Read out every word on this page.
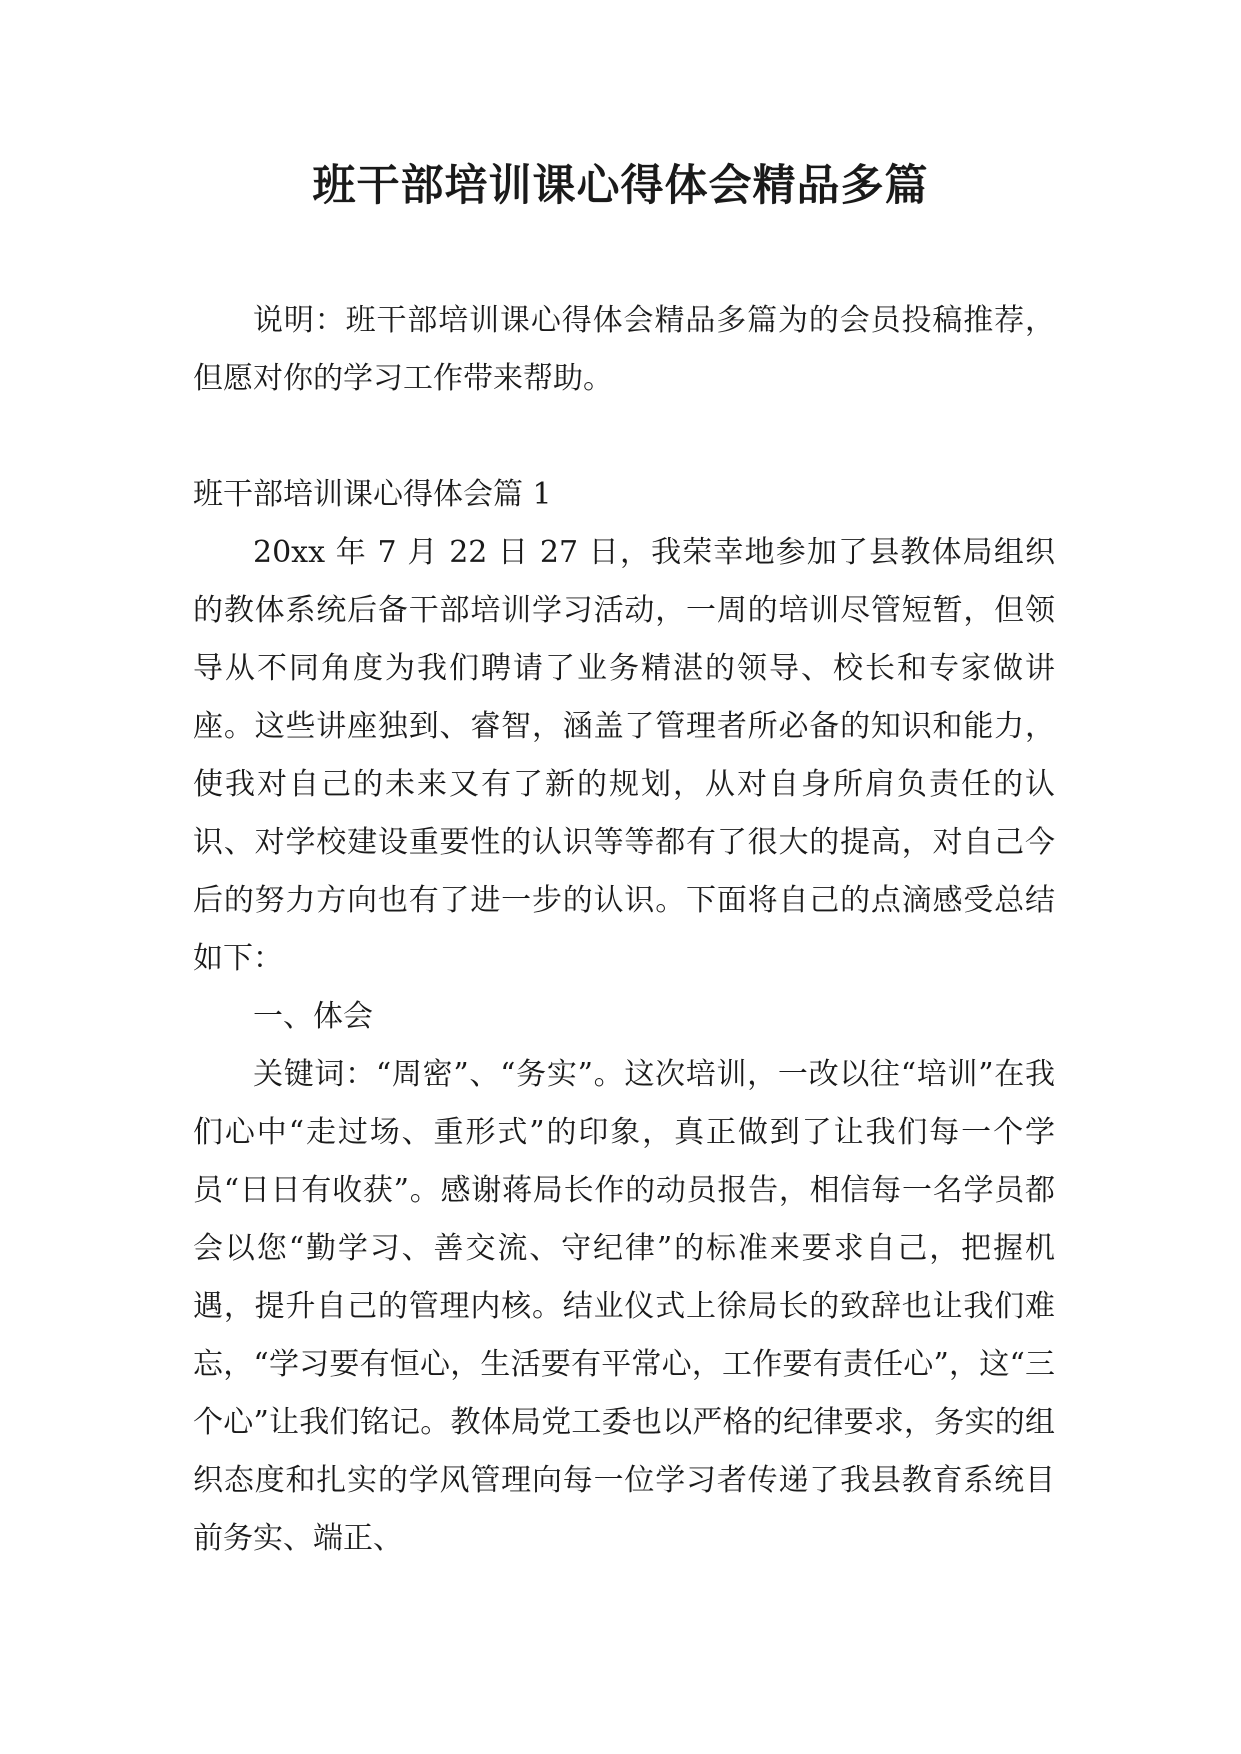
班干部培训课心得体会精品多篇

说明：班干部培训课心得体会精品多篇为的会员投稿推荐，但愿对你的学习工作带来帮助。

班干部培训课心得体会篇 1

20xx 年 7 月 22 日 27 日，我荣幸地参加了县教体局组织的教体系统后备干部培训学习活动，一周的培训尽管短暂，但领导从不同角度为我们聘请了业务精湛的领导、校长和专家做讲座。这些讲座独到、睿智，涵盖了管理者所必备的知识和能力，使我对自己的未来又有了新的规划，从对自身所肩负责任的认识、对学校建设重要性的认识等等都有了很大的提高，对自己今后的努力方向也有了进一步的认识。下面将自己的点滴感受总结如下：

一、体会

关键词：“周密”、“务实”。这次培训，一改以往“培训”在我们心中“走过场、重形式”的印象，真正做到了让我们每一个学员“日日有收获”。感谢蒋局长作的动员报告，相信每一名学员都会以您“勤学习、善交流、守纪律”的标准来要求自己，把握机遇，提升自己的管理内核。结业仪式上徐局长的致辞也让我们难忘，“学习要有恒心，生活要有平常心，工作要有责任心”，这“三个心”让我们铭记。教体局党工委也以严格的纪律要求，务实的组织态度和扎实的学风管理向每一位学习者传递了我县教育系统目前务实、端正、
